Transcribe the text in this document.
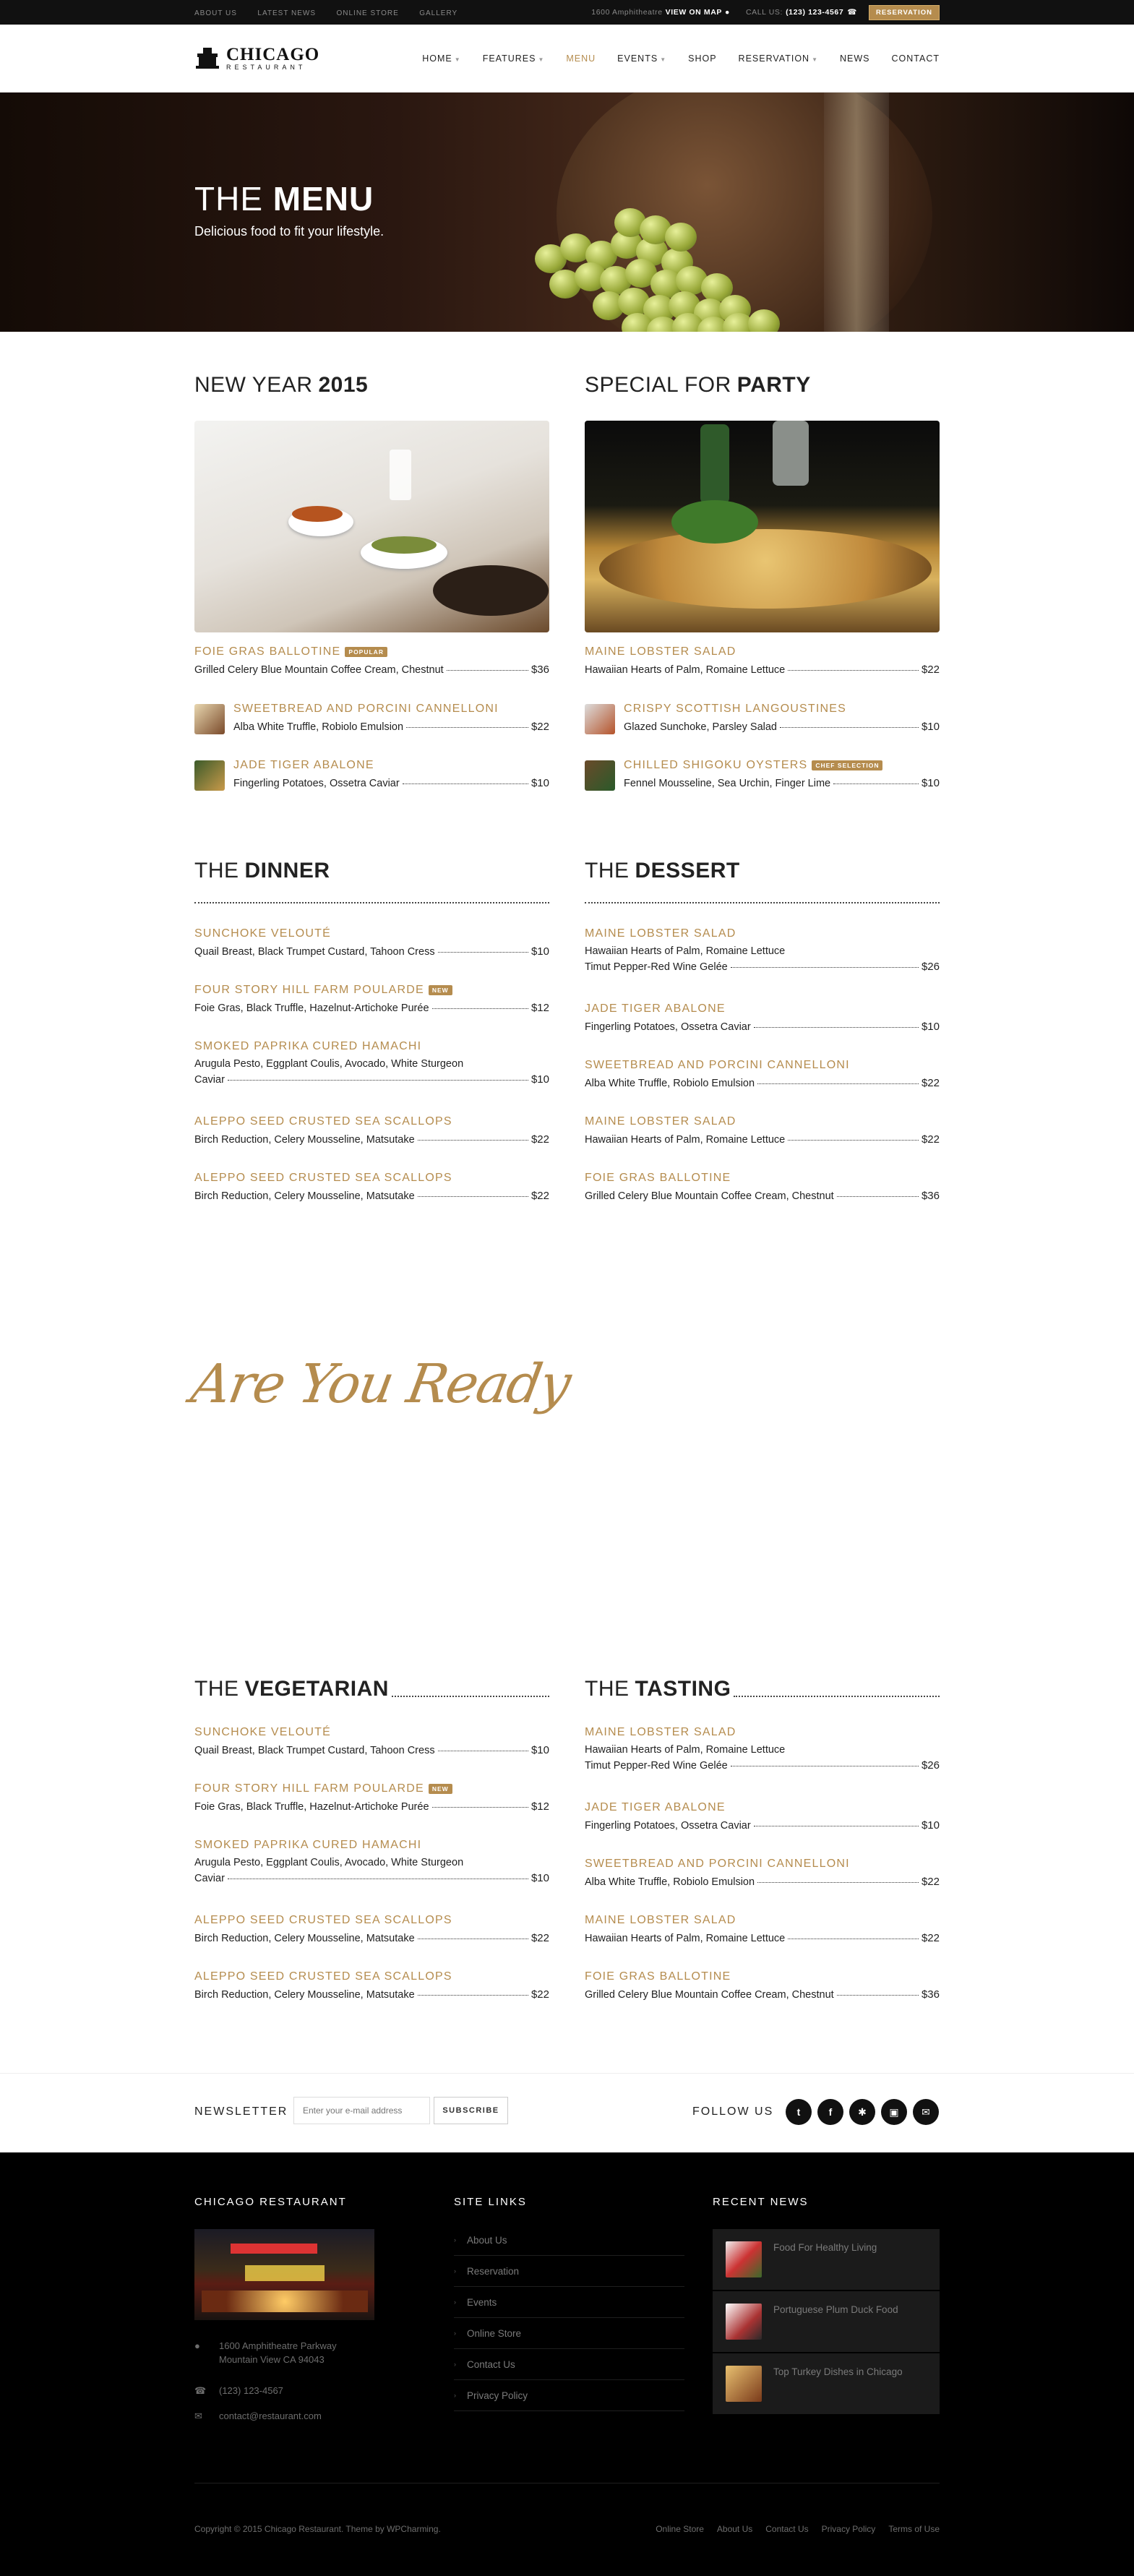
ABOUT US	LATEST NEWS	ONLINE STORE	GALLERY	1600 Amphitheatre VIEW ON MAP ● CALL US: (123) 123-4567 ☎	RESERVATION
CHICAGO
RESTAURANT
HOME ▼ FEATURES ▼ MENU EVENTS ▼ SHOP RESERVATION ▼ NEWS CONTACT
THE MENU
Delicious food to fit your lifestyle.
NEW YEAR 2015	SPECIAL FOR PARTY
THE DINNER	THE DESSERT
Are You Ready
THE VEGETARIAN	THE TASTING
FOIE GRAS BALLOTINE	POPULAR
Grilled Celery Blue Mountain Coffee Cream, Chestnut	$36
SWEETBREAD AND PORCINI CANNELLONI
Alba White Truffle, Robiolo Emulsion	$22
JADE TIGER ABALONE
Fingerling Potatoes, Ossetra Caviar	$10
MAINE LOBSTER SALAD
Hawaiian Hearts of Palm, Romaine Lettuce	$22
CRISPY SCOTTISH LANGOUSTINES
Glazed Sunchoke, Parsley Salad	$10
CHILLED SHIGOKU OYSTERS	CHEF SELECTION
Fennel Mousseline, Sea Urchin, Finger Lime	$10
SUNCHOKE VELOUTÉ
Quail Breast, Black Trumpet Custard, Tahoon Cress	$10
FOUR STORY HILL FARM POULARDE	NEW
Foie Gras, Black Truffle, Hazelnut-Artichoke Purée	$12
SMOKED PAPRIKA CURED HAMACHI
Arugula Pesto, Eggplant Coulis, Avocado, White Sturgeon
Caviar	$10
ALEPPO SEED CRUSTED SEA SCALLOPS
Birch Reduction, Celery Mousseline, Matsutake	$22
ALEPPO SEED CRUSTED SEA SCALLOPS
Birch Reduction, Celery Mousseline, Matsutake	$22
MAINE LOBSTER SALAD
Hawaiian Hearts of Palm, Romaine Lettuce
Timut Pepper-Red Wine Gelée	$26
JADE TIGER ABALONE
Fingerling Potatoes, Ossetra Caviar	$10
SWEETBREAD AND PORCINI CANNELLONI
Alba White Truffle, Robiolo Emulsion	$22
MAINE LOBSTER SALAD
Hawaiian Hearts of Palm, Romaine Lettuce	$22
FOIE GRAS BALLOTINE
Grilled Celery Blue Mountain Coffee Cream, Chestnut	$36
SUNCHOKE VELOUTÉ
Quail Breast, Black Trumpet Custard, Tahoon Cress	$10
FOUR STORY HILL FARM POULARDE	NEW
Foie Gras, Black Truffle, Hazelnut-Artichoke Purée	$12
SMOKED PAPRIKA CURED HAMACHI
Arugula Pesto, Eggplant Coulis, Avocado, White Sturgeon
Caviar	$10
ALEPPO SEED CRUSTED SEA SCALLOPS
Birch Reduction, Celery Mousseline, Matsutake	$22
ALEPPO SEED CRUSTED SEA SCALLOPS
Birch Reduction, Celery Mousseline, Matsutake	$22
MAINE LOBSTER SALAD
Hawaiian Hearts of Palm, Romaine Lettuce
Timut Pepper-Red Wine Gelée	$26
JADE TIGER ABALONE
Fingerling Potatoes, Ossetra Caviar	$10
SWEETBREAD AND PORCINI CANNELLONI
Alba White Truffle, Robiolo Emulsion	$22
MAINE LOBSTER SALAD
Hawaiian Hearts of Palm, Romaine Lettuce	$22
FOIE GRAS BALLOTINE
Grilled Celery Blue Mountain Coffee Cream, Chestnut	$36
NEWSLETTER
Enter your e-mail address	SUBSCRIBE	FOLLOW US	t	f	✱	▣	✉
CHICAGO RESTAURANT	SITE LINKS	RECENT NEWS
●	1600 Amphitheatre Parkway
Mountain View CA 94043
☎ (123) 123-4567
✉ contact@restaurant.com
›	About Us
›	Reservation
›	Events
›	Online Store
›	Contact Us
›	Privacy Policy
Food For Healthy Living
Portuguese Plum Duck Food
Top Turkey Dishes in Chicago
Copyright © 2015 Chicago Restaurant. Theme by WPCharming.	Online Store About Us Contact Us Privacy Policy Terms of Use
